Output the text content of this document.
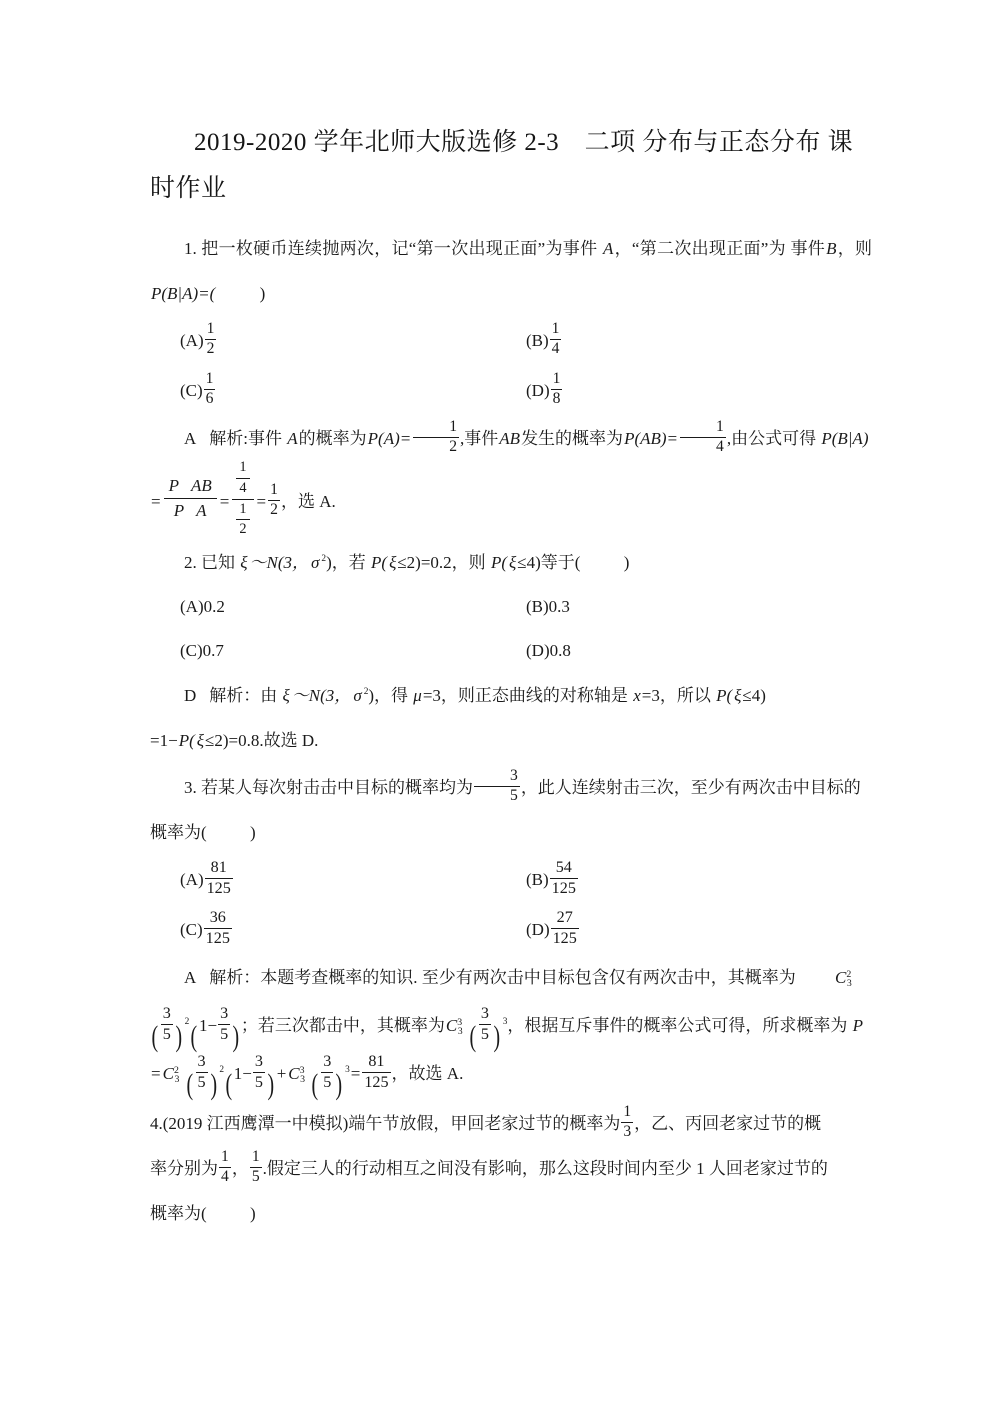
2019-2020 学年北师大版选修 2-3　二项 分布与正态分布 课时作业

1. 把一枚硬币连续抛两次，记“第一次出现正面”为事件 A，“第二次出现正面”为 事件B，则 P(B|A)=(	)

$(A) \frac{1}{2}$	$(B) \frac{1}{4}$
$(C) \frac{1}{6}$	$(D) \frac{1}{8}$

A 解析:事件 A的概率为$P(A)= \frac{1}{2}$ ,事件AB发生的概率为$P(AB)= \frac{1}{4}$ ,由公式可得 P(B|A)

= $\frac{\text{P AB}}{\text{P A}} = \frac{\frac{1}{4}}{\frac{1}{2}} = \frac{1}{2}$ ，选 A.

2. 已知 ξ ～N(3， σ $^2$)，若 P( ξ≤2)=0.2，则 P( ξ≤4)等于(	)

(A)0.2	(B)0.3
(C)0.7	(D)0.8

D 解析：由 ξ ～N(3， σ $^2$)，得 μ=3，则正态曲线的对称轴是 x=3，所以 P( ξ≤4)

=1−P( ξ≤2)=0.8.故选 D.

3. 若某人每次射击击中目标的概率均为 $\frac{3}{5}$ ，此人连续射击三次，至少有两次击中目标的

概率为(	)

$(A) \frac{81}{125}$	$(B) \frac{54}{125}$
$(C) \frac{36}{125}$	$(D) \frac{27}{125}$

A 解析：本题考查概率的知识. 至少有两次击中目标包含仅有两次击中，其概率为 $C^23$

( $\frac{3}{5}$ ) $^2(1- \frac{3}{5}$ )；若三次都击中，其概率为$C^33$ ( $\frac{3}{5}$ ) $^3$，根据互斥事件的概率公式可得，所求概率为 P

= $C^23$ ( $\frac{3}{5}$ ) $^2(1- \frac{3}{5}$ ) + $C^33$ ( $\frac{3}{5}$ ) $^3= \frac{81}{125}$ ，故选 A.

4.(2019 江西鹰潭一中模拟)端午节放假，甲回老家过节的概率为 $\frac{1}{3}$ ，乙、丙回老家过节的概

率分别为 $\frac{1}{4}$ ， $\frac{1}{5}$ .假定三人的行动相互之间没有影响，那么这段时间内至少 1 人回老家过节的

概率为(	)
